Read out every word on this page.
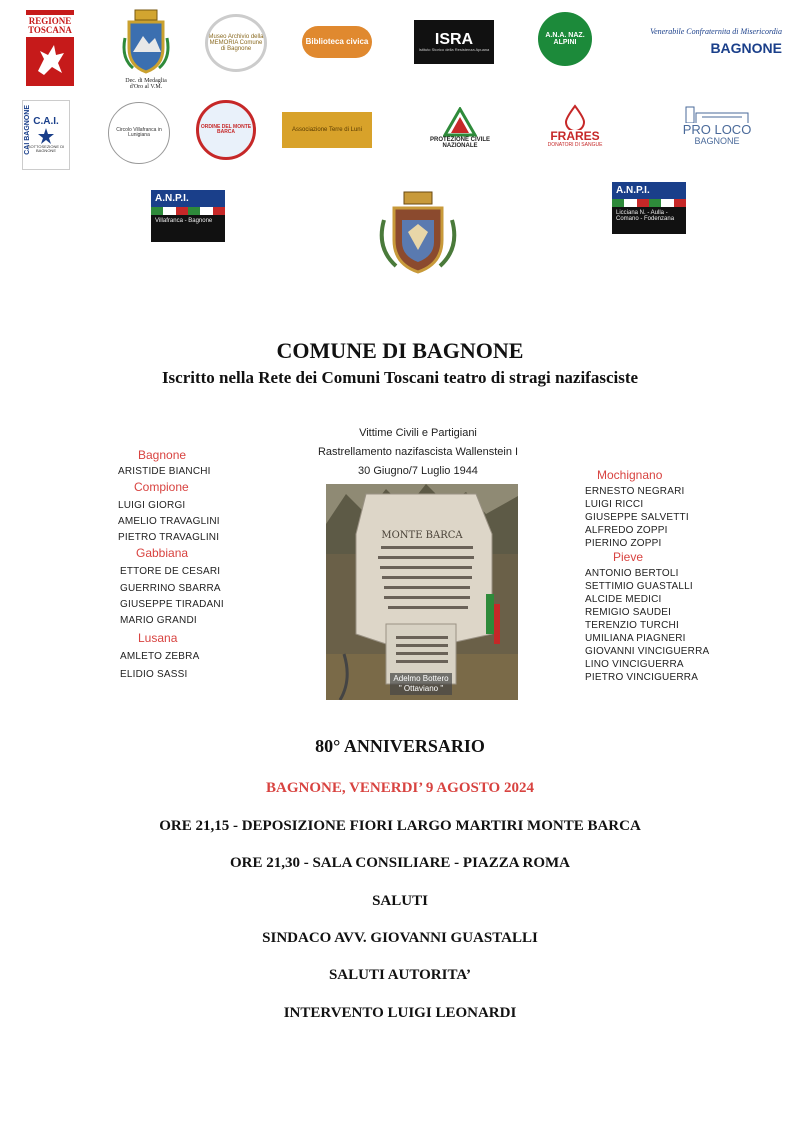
REGIONE TOSCANA
Dec. di Medaglia d'Oro al V.M.
Museo Archivio della MEMORIA Comune di Bagnone
Biblioteca civica	ISRA
Istituto Storico della Resistenza Apuana
A.N.A. NAZ. ALPINI
Venerabile Confraternita di Misericordia
BAGNONE
CAI BAGNONE C.A.I.
SOTTOSEZIONE DI BAGNONE
Circolo Villafranca in Lunigiana
ORDINE DEL MONTE BARCA	Associazione Terre di Luni
PROTEZIONE CIVILE NAZIONALE
FRARES
DONATORI DI SANGUE
PRO LOCO
BAGNONE
A.N.P.I.
Villafranca - Bagnone
A.N.P.I.
Licciana N. - Aulla - Comano - Fodenzana
COMUNE DI BAGNONE
Iscritto nella Rete dei Comuni Toscani teatro di stragi nazifasciste
Vittime Civili e Partigiani
Rastrellamento nazifascista Wallenstein I
30 Giugno/7 Luglio 1944
MONTE BARCA
Adelmo Bottero
" Ottaviano "
Bagnone
ARISTIDE BIANCHI
Compione
LUIGI GIORGI
AMELIO TRAVAGLINI
PIETRO TRAVAGLINI
Gabbiana
ETTORE DE CESARI
GUERRINO SBARRA
GIUSEPPE TIRADANI
MARIO GRANDI
Lusana
AMLETO ZEBRA
ELIDIO SASSI
Mochignano
ERNESTO NEGRARI
LUIGI RICCI
GIUSEPPE SALVETTI
ALFREDO ZOPPI
PIERINO ZOPPI
Pieve
ANTONIO BERTOLI
SETTIMIO GUASTALLI
ALCIDE MEDICI
REMIGIO SAUDEI
TERENZIO TURCHI
UMILIANA PIAGNERI
GIOVANNI VINCIGUERRA
LINO VINCIGUERRA
PIETRO VINCIGUERRA
80° ANNIVERSARIO
BAGNONE, VENERDI’ 9 AGOSTO 2024
ORE 21,15 - DEPOSIZIONE FIORI LARGO MARTIRI MONTE BARCA
ORE 21,30 - SALA CONSILIARE - PIAZZA ROMA
SALUTI
SINDACO AVV. GIOVANNI GUASTALLI
SALUTI AUTORITA’
INTERVENTO LUIGI LEONARDI
